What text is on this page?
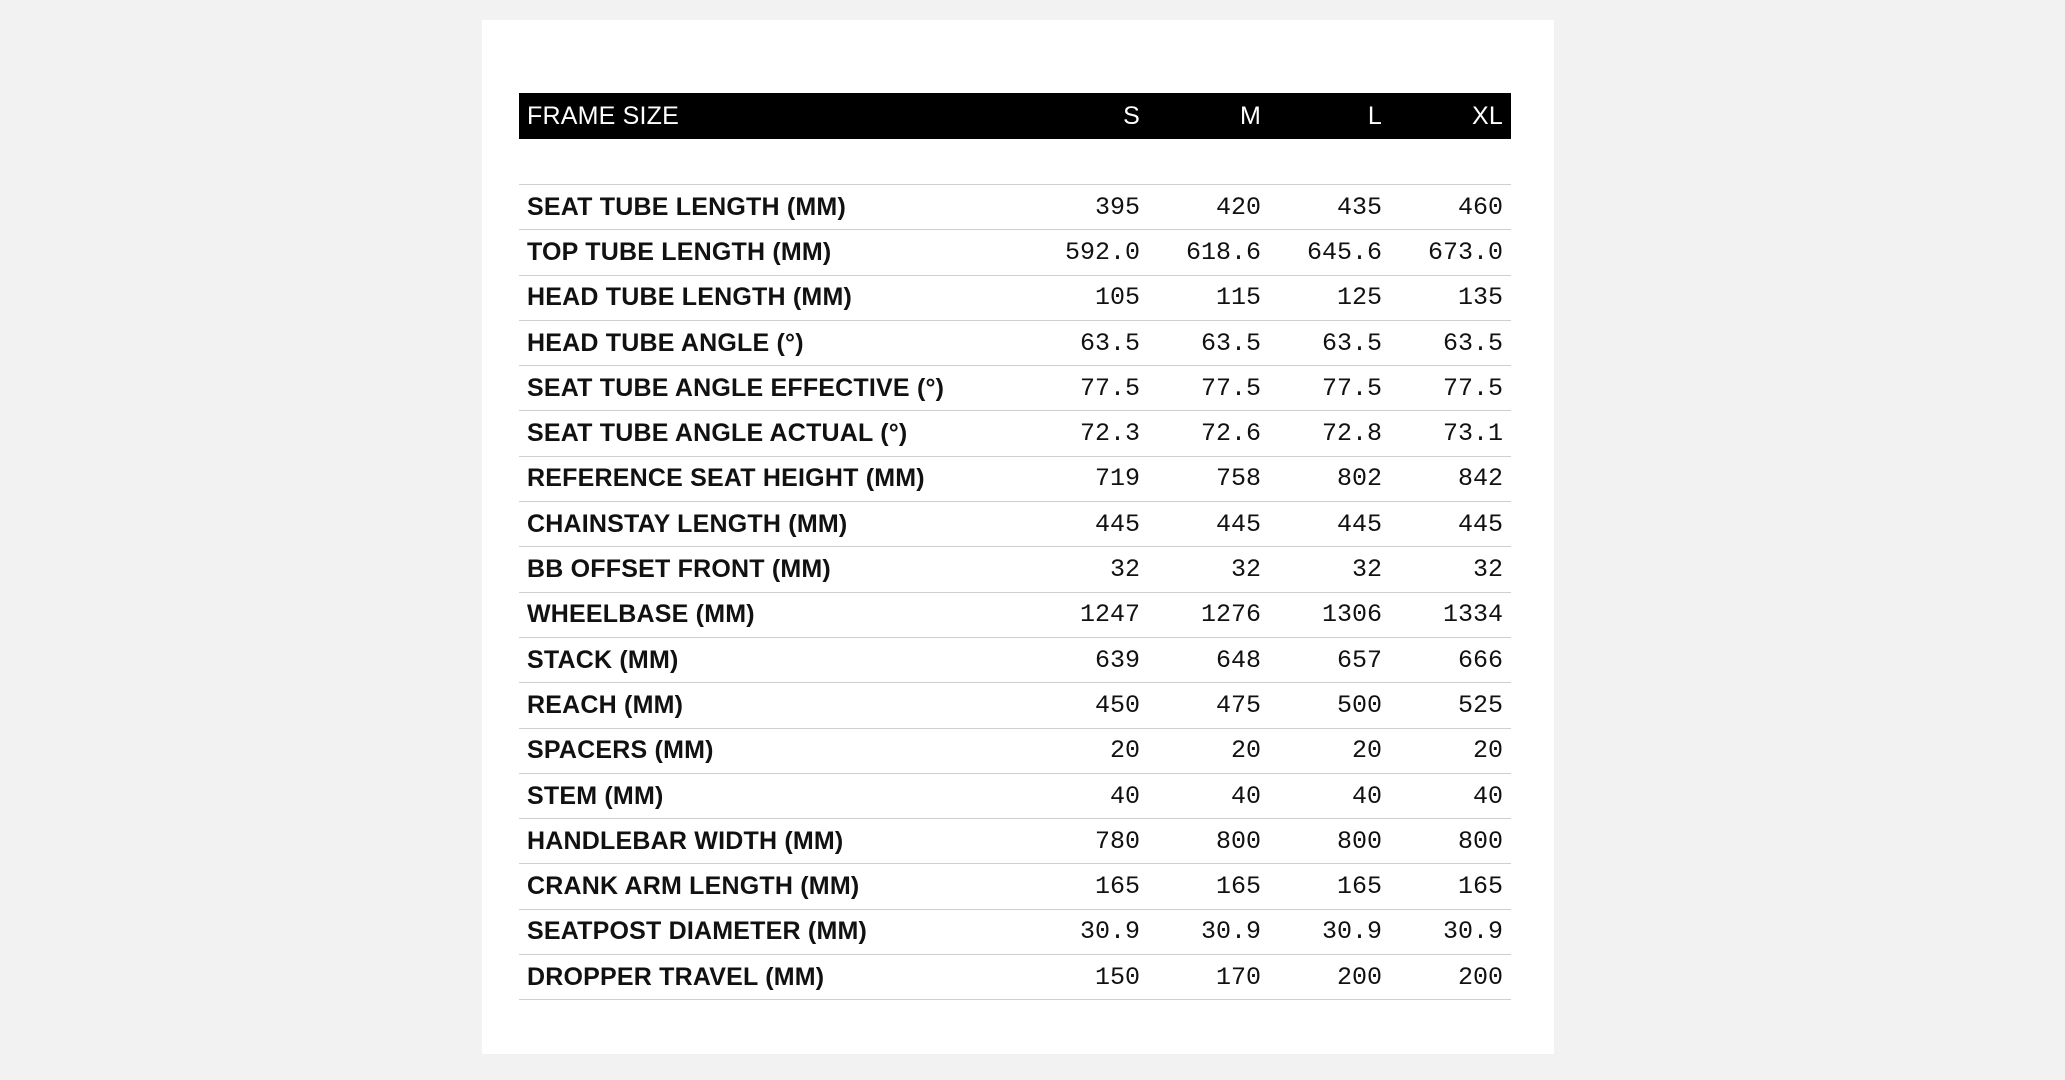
FRAME SIZE	S	M	L	XL

SEAT TUBE LENGTH (MM)	395	420	435	460
TOP TUBE LENGTH (MM)	592.0	618.6	645.6	673.0
HEAD TUBE LENGTH (MM)	105	115	125	135
HEAD TUBE ANGLE (°)	63.5	63.5	63.5	63.5
SEAT TUBE ANGLE EFFECTIVE (°)	77.5	77.5	77.5	77.5
SEAT TUBE ANGLE ACTUAL (°)	72.3	72.6	72.8	73.1
REFERENCE SEAT HEIGHT (MM)	719	758	802	842
CHAINSTAY LENGTH (MM)	445	445	445	445
BB OFFSET FRONT (MM)	32	32	32	32
WHEELBASE (MM)	1247	1276	1306	1334
STACK (MM)	639	648	657	666
REACH (MM)	450	475	500	525
SPACERS (MM)	20	20	20	20
STEM (MM)	40	40	40	40
HANDLEBAR WIDTH (MM)	780	800	800	800
CRANK ARM LENGTH (MM)	165	165	165	165
SEATPOST DIAMETER (MM)	30.9	30.9	30.9	30.9
DROPPER TRAVEL (MM)	150	170	200	200
